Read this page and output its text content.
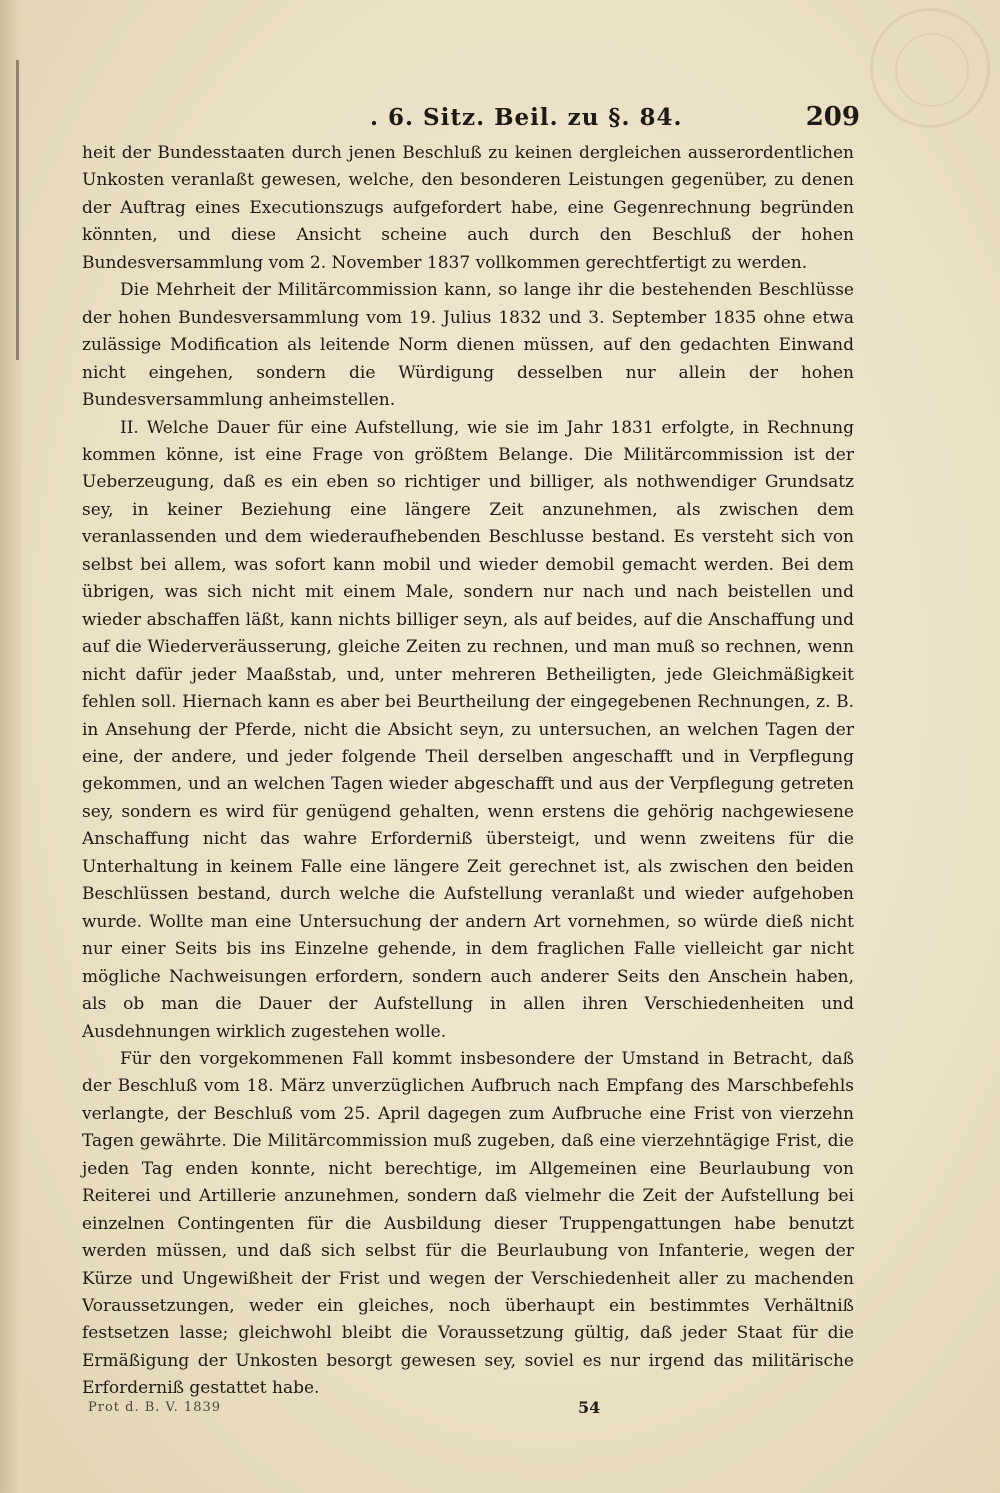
. 6. Sitz. Beil. zu §. 84.	209

heit der Bundesstaaten durch jenen Beschluß zu keinen dergleichen ausserordentlichen Unkosten veranlaßt gewesen, welche, den besonderen Leistungen gegenüber, zu denen der Auftrag eines Executionszugs aufgefordert habe, eine Gegenrechnung begründen könnten, und diese Ansicht scheine auch durch den Beschluß der hohen Bundesversammlung vom 2. November 1837 vollkommen gerechtfertigt zu werden.

Die Mehrheit der Militärcommission kann, so lange ihr die bestehenden Beschlüsse der hohen Bundesversammlung vom 19. Julius 1832 und 3. September 1835 ohne etwa zulässige Modification als leitende Norm dienen müssen, auf den gedachten Einwand nicht eingehen, sondern die Würdigung desselben nur allein der hohen Bundesversammlung anheimstellen.

II. Welche Dauer für eine Aufstellung, wie sie im Jahr 1831 erfolgte, in Rechnung kommen könne, ist eine Frage von größtem Belange. Die Militärcommission ist der Ueberzeugung, daß es ein eben so richtiger und billiger, als nothwendiger Grundsatz sey, in keiner Beziehung eine längere Zeit anzunehmen, als zwischen dem veranlassenden und dem wiederaufhebenden Beschlusse bestand. Es versteht sich von selbst bei allem, was sofort kann mobil und wieder demobil gemacht werden. Bei dem übrigen, was sich nicht mit einem Male, sondern nur nach und nach beistellen und wieder abschaffen läßt, kann nichts billiger seyn, als auf beides, auf die Anschaffung und auf die Wiederveräusserung, gleiche Zeiten zu rechnen, und man muß so rechnen, wenn nicht dafür jeder Maaßstab, und, unter mehreren Betheiligten, jede Gleichmäßigkeit fehlen soll. Hiernach kann es aber bei Beurtheilung der eingegebenen Rechnungen, z. B. in Ansehung der Pferde, nicht die Absicht seyn, zu untersuchen, an welchen Tagen der eine, der andere, und jeder folgende Theil derselben angeschafft und in Verpflegung gekommen, und an welchen Tagen wieder abgeschafft und aus der Verpflegung getreten sey, sondern es wird für genügend gehalten, wenn erstens die gehörig nachgewiesene Anschaffung nicht das wahre Erforderniß übersteigt, und wenn zweitens für die Unterhaltung in keinem Falle eine längere Zeit gerechnet ist, als zwischen den beiden Beschlüssen bestand, durch welche die Aufstellung veranlaßt und wieder aufgehoben wurde. Wollte man eine Untersuchung der andern Art vornehmen, so würde dieß nicht nur einer Seits bis ins Einzelne gehende, in dem fraglichen Falle vielleicht gar nicht mögliche Nachweisungen erfordern, sondern auch anderer Seits den Anschein haben, als ob man die Dauer der Aufstellung in allen ihren Verschiedenheiten und Ausdehnungen wirklich zugestehen wolle.

Für den vorgekommenen Fall kommt insbesondere der Umstand in Betracht, daß der Beschluß vom 18. März unverzüglichen Aufbruch nach Empfang des Marschbefehls verlangte, der Beschluß vom 25. April dagegen zum Aufbruche eine Frist von vierzehn Tagen gewährte. Die Militärcommission muß zugeben, daß eine vierzehntägige Frist, die jeden Tag enden konnte, nicht berechtige, im Allgemeinen eine Beurlaubung von Reiterei und Artillerie anzunehmen, sondern daß vielmehr die Zeit der Aufstellung bei einzelnen Contingenten für die Ausbildung dieser Truppengattungen habe benutzt werden müssen, und daß sich selbst für die Beurlaubung von Infanterie, wegen der Kürze und Ungewißheit der Frist und wegen der Verschiedenheit aller zu machenden Voraussetzungen, weder ein gleiches, noch überhaupt ein bestimmtes Verhältniß festsetzen lasse; gleichwohl bleibt die Voraussetzung gültig, daß jeder Staat für die Ermäßigung der Unkosten besorgt gewesen sey, soviel es nur irgend das militärische Erforderniß gestattet habe.

Prot d. B. V. 1839	54
